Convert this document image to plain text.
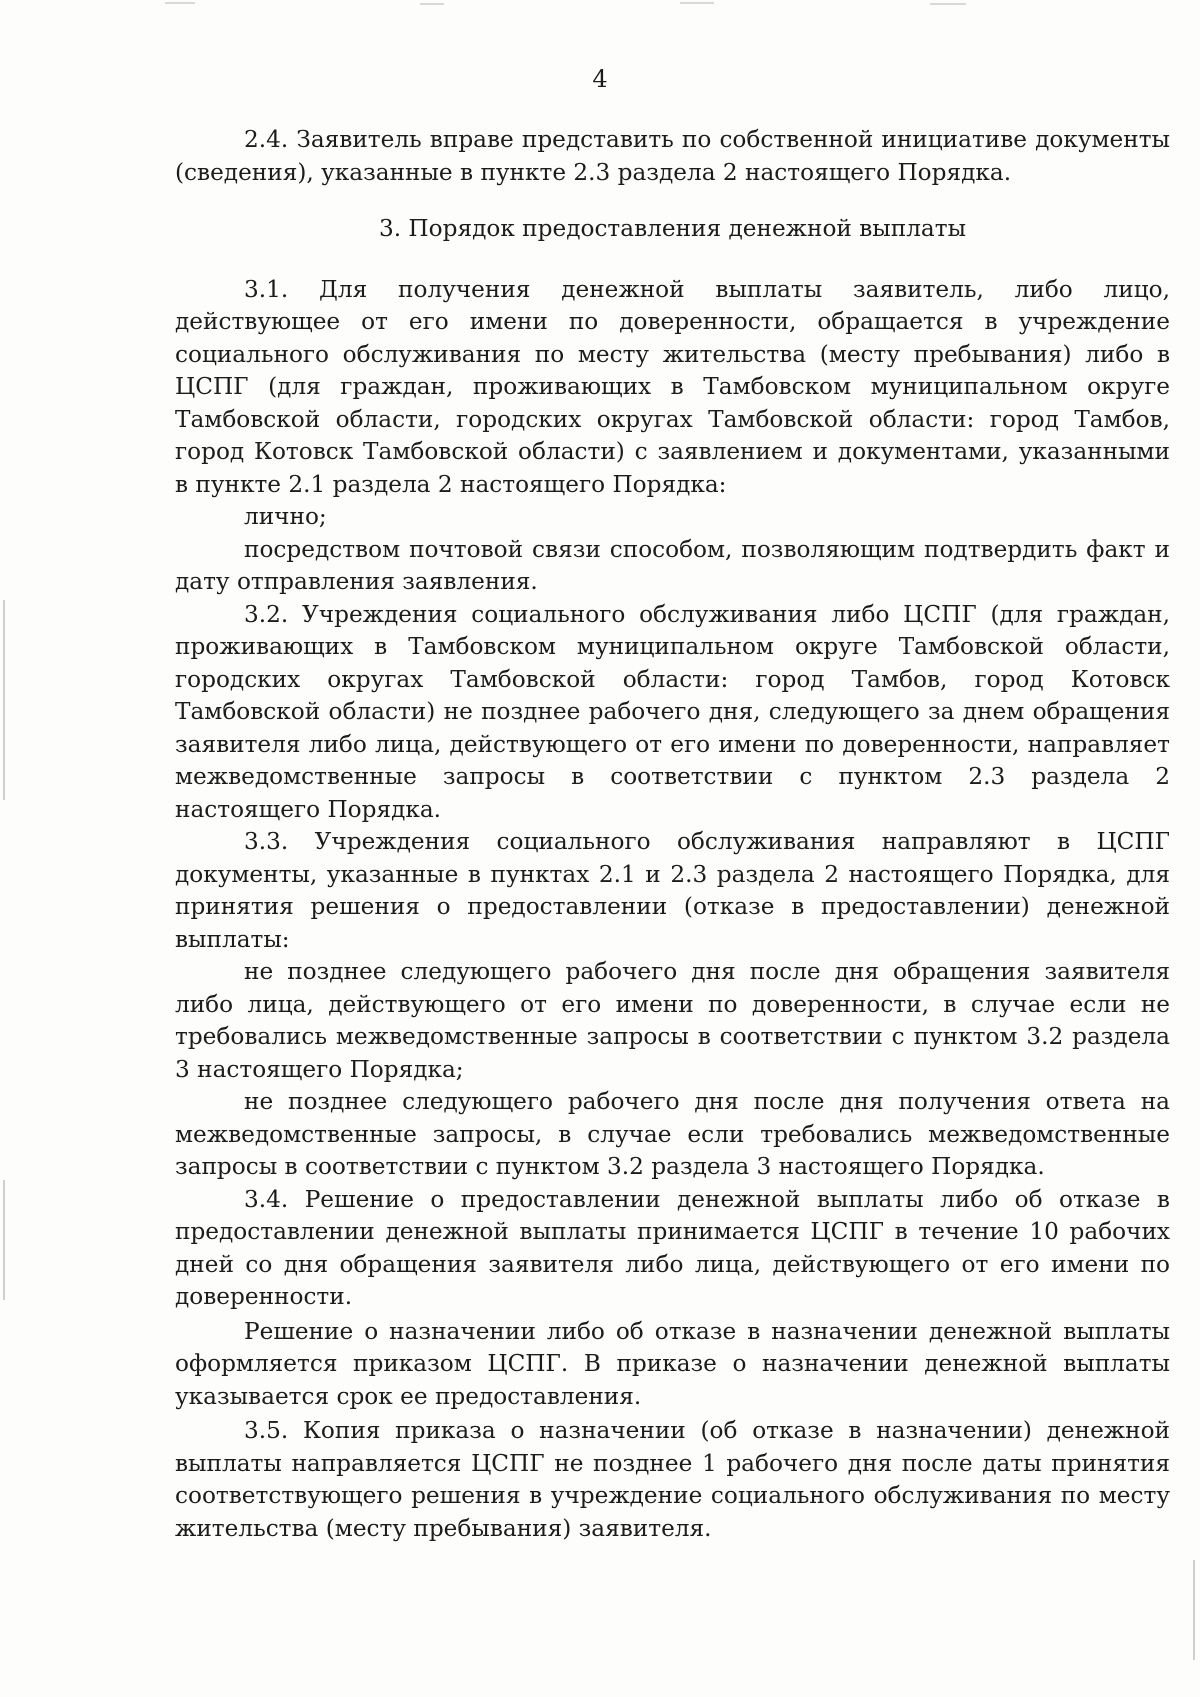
4

2.4. Заявитель вправе представить по собственной инициативе документы (сведения), указанные в пункте 2.3 раздела 2 настоящего Порядка.

3. Порядок предоставления денежной выплаты

3.1. Для получения денежной выплаты заявитель, либо лицо, действующее от его имени по доверенности, обращается в учреждение социального обслуживания по месту жительства (месту пребывания) либо в ЦСПГ (для граждан, проживающих в Тамбовском муниципальном округе Тамбовской области, городских округах Тамбовской области: город Тамбов, город Котовск Тамбовской области) с заявлением и документами, указанными в пункте 2.1 раздела 2 настоящего Порядка:

лично;

посредством почтовой связи способом, позволяющим подтвердить факт и дату отправления заявления.

3.2. Учреждения социального обслуживания либо ЦСПГ (для граждан, проживающих в Тамбовском муниципальном округе Тамбовской области, городских округах Тамбовской области: город Тамбов, город Котовск Тамбовской области) не позднее рабочего дня, следующего за днем обращения заявителя либо лица, действующего от его имени по доверенности, направляет межведомственные запросы в соответствии с пунктом 2.3 раздела 2 настоящего Порядка.

3.3. Учреждения социального обслуживания направляют в ЦСПГ документы, указанные в пунктах 2.1 и 2.3 раздела 2 настоящего Порядка, для принятия решения о предоставлении (отказе в предоставлении) денежной выплаты:

не позднее следующего рабочего дня после дня обращения заявителя либо лица, действующего от его имени по доверенности, в случае если не требовались межведомственные запросы в соответствии с пунктом 3.2 раздела 3 настоящего Порядка;

не позднее следующего рабочего дня после дня получения ответа на межведомственные запросы, в случае если требовались межведомственные запросы в соответствии с пунктом 3.2 раздела 3 настоящего Порядка.

3.4. Решение о предоставлении денежной выплаты либо об отказе в предоставлении денежной выплаты принимается ЦСПГ в течение 10 рабочих дней со дня обращения заявителя либо лица, действующего от его имени по доверенности.

Решение о назначении либо об отказе в назначении денежной выплаты оформляется приказом ЦСПГ. В приказе о назначении денежной выплаты указывается срок ее предоставления.

3.5. Копия приказа о назначении (об отказе в назначении) денежной выплаты направляется ЦСПГ не позднее 1 рабочего дня после даты принятия соответствующего решения в учреждение социального обслуживания по месту жительства (месту пребывания) заявителя.
